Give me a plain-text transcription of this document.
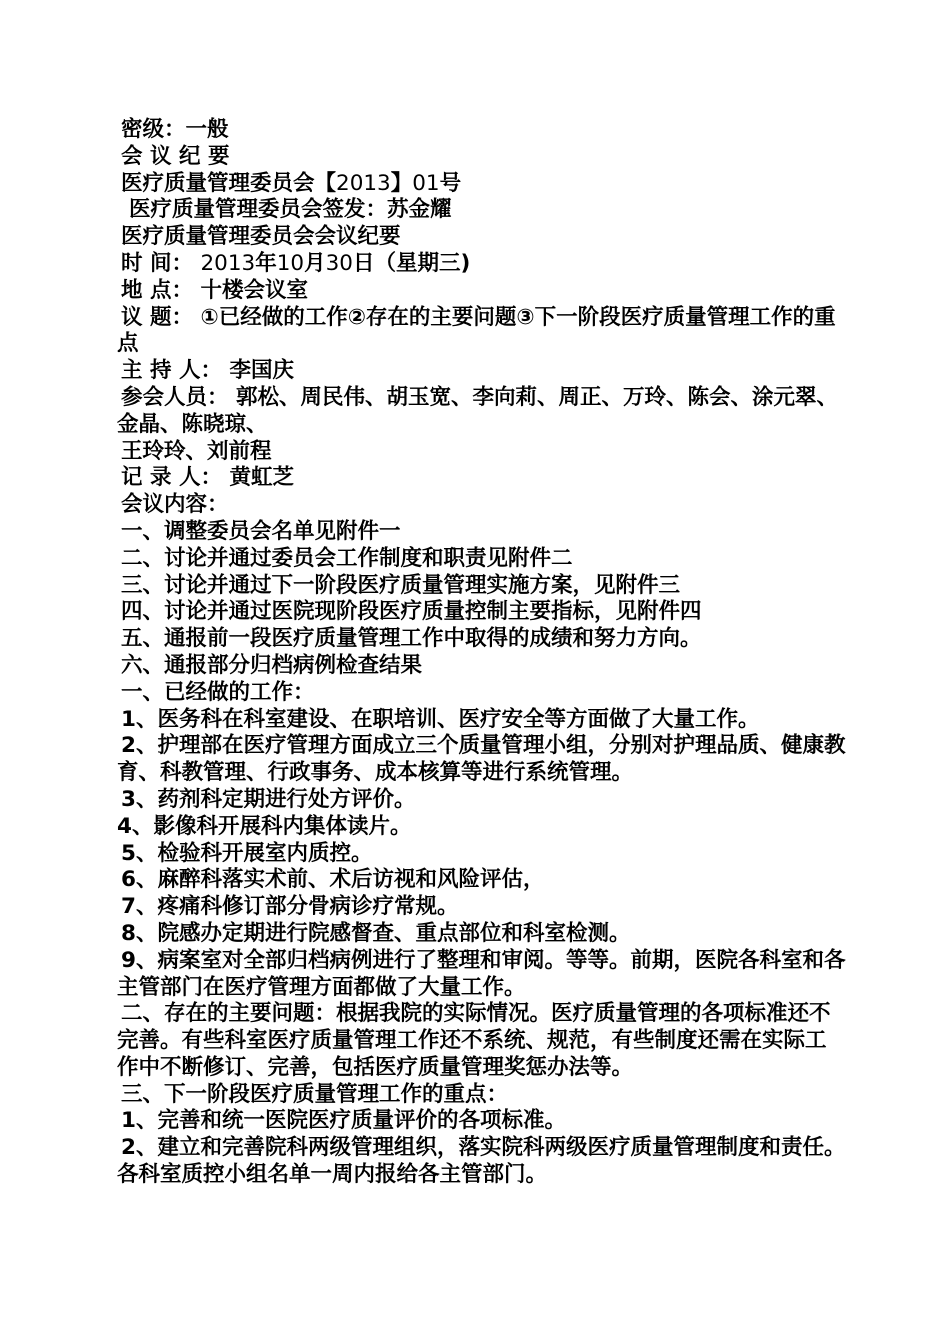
密级：一般
会 议 纪 要
医疗质量管理委员会【2013】01号
医疗质量管理委员会签发：苏金耀
医疗质量管理委员会会议纪要
时 间： 2013年10月30日（星期三)
地 点： 十楼会议室
议 题： ①已经做的工作②存在的主要问题③下一阶段医疗质量管理工作的重点
主 持 人： 李国庆
参会人员： 郭松、周民伟、胡玉宽、李向莉、周正、万玲、陈会、涂元翠、金晶、陈晓琼、
王玲玲、刘前程
记 录 人： 黄虹芝
会议内容：
一、调整委员会名单见附件一
二、讨论并通过委员会工作制度和职责见附件二
三、讨论并通过下一阶段医疗质量管理实施方案，见附件三
四、讨论并通过医院现阶段医疗质量控制主要指标，见附件四
五、通报前一段医疗质量管理工作中取得的成绩和努力方向。
六、通报部分归档病例检查结果
一、已经做的工作：
1、医务科在科室建设、在职培训、医疗安全等方面做了大量工作。
2、护理部在医疗管理方面成立三个质量管理小组，分别对护理品质、健康教育、科教管理、行政事务、成本核算等进行系统管理。
3、药剂科定期进行处方评价。
4、影像科开展科内集体读片。
5、检验科开展室内质控。
6、麻醉科落实术前、术后访视和风险评估，
7、疼痛科修订部分骨病诊疗常规。
8、院感办定期进行院感督查、重点部位和科室检测。
9、病案室对全部归档病例进行了整理和审阅。等等。前期，医院各科室和各主管部门在医疗管理方面都做了大量工作。
二、存在的主要问题：根据我院的实际情况。医疗质量管理的各项标准还不完善。有些科室医疗质量管理工作还不系统、规范，有些制度还需在实际工作中不断修订、完善，包括医疗质量管理奖惩办法等。
三、下一阶段医疗质量管理工作的重点：
1、完善和统一医院医疗质量评价的各项标准。
2、建立和完善院科两级管理组织，落实院科两级医疗质量管理制度和责任。各科室质控小组名单一周内报给各主管部门。
